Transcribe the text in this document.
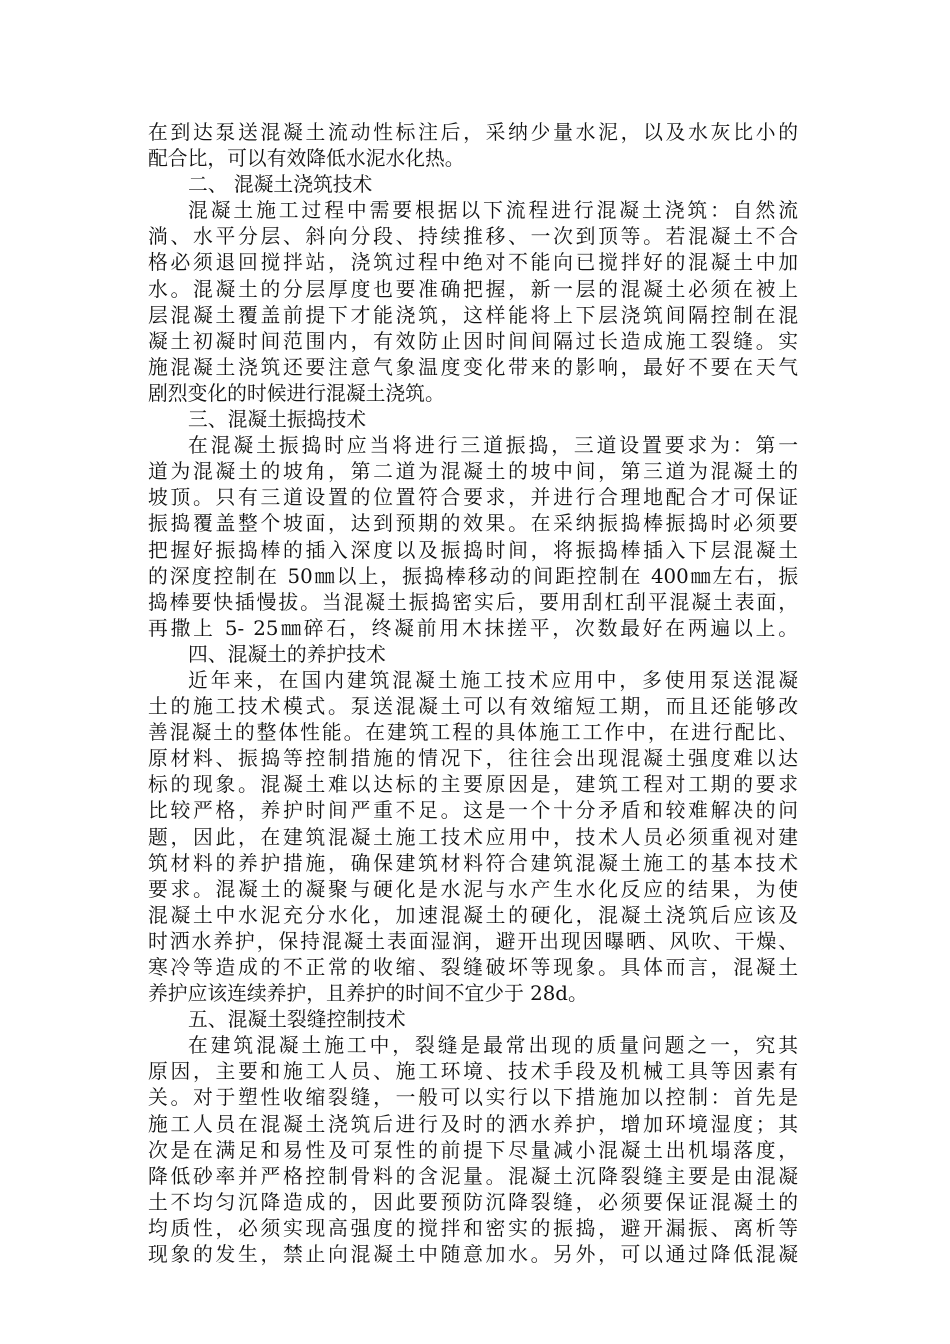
在到达泵送混凝土流动性标注后，采纳少量水泥，以及水灰比小的
配合比，可以有效降低水泥水化热。
二、 混凝土浇筑技术
混凝土施工过程中需要根据以下流程进行混凝土浇筑：自然流
淌、水平分层、斜向分段、持续推移、一次到顶等。若混凝土不合
格必须退回搅拌站，浇筑过程中绝对不能向已搅拌好的混凝土中加
水。混凝土的分层厚度也要准确把握，新一层的混凝土必须在被上
层混凝土覆盖前提下才能浇筑，这样能将上下层浇筑间隔控制在混
凝土初凝时间范围内，有效防止因时间间隔过长造成施工裂缝。实
施混凝土浇筑还要注意气象温度变化带来的影响，最好不要在天气
剧烈变化的时候进行混凝土浇筑。
三、混凝土振捣技术
在混凝土振捣时应当将进行三道振捣，三道设置要求为：第一
道为混凝土的坡角，第二道为混凝土的坡中间，第三道为混凝土的
坡顶。只有三道设置的位置符合要求，并进行合理地配合才可保证
振捣覆盖整个坡面，达到预期的效果。在采纳振捣棒振捣时必须要
把握好振捣棒的插入深度以及振捣时间，将振捣棒插入下层混凝土
的深度控制在 50㎜以上，振捣棒移动的间距控制在 400㎜左右，振
捣棒要快插慢拔。当混凝土振捣密实后，要用刮杠刮平混凝土表面，
再撒上 5- 25㎜碎石，终凝前用木抹搓平，次数最好在两遍以上。
四、混凝土的养护技术
近年来，在国内建筑混凝土施工技术应用中，多使用泵送混凝
土的施工技术模式。泵送混凝土可以有效缩短工期，而且还能够改
善混凝土的整体性能。在建筑工程的具体施工工作中，在进行配比、
原材料、振捣等控制措施的情况下，往往会出现混凝土强度难以达
标的现象。混凝土难以达标的主要原因是，建筑工程对工期的要求
比较严格，养护时间严重不足。这是一个十分矛盾和较难解决的问
题，因此，在建筑混凝土施工技术应用中，技术人员必须重视对建
筑材料的养护措施，确保建筑材料符合建筑混凝土施工的基本技术
要求。混凝土的凝聚与硬化是水泥与水产生水化反应的结果，为使
混凝土中水泥充分水化，加速混凝土的硬化，混凝土浇筑后应该及
时洒水养护，保持混凝土表面湿润，避开出现因曝晒、风吹、干燥、
寒冷等造成的不正常的收缩、裂缝破坏等现象。具体而言，混凝土
养护应该连续养护，且养护的时间不宜少于 28d。
五、混凝土裂缝控制技术
在建筑混凝土施工中，裂缝是最常出现的质量问题之一，究其
原因，主要和施工人员、施工环境、技术手段及机械工具等因素有
关。对于塑性收缩裂缝，一般可以实行以下措施加以控制：首先是
施工人员在混凝土浇筑后进行及时的洒水养护，增加环境湿度；其
次是在满足和易性及可泵性的前提下尽量减小混凝土出机塌落度，
降低砂率并严格控制骨料的含泥量。混凝土沉降裂缝主要是由混凝
土不均匀沉降造成的，因此要预防沉降裂缝，必须要保证混凝土的
均质性，必须实现高强度的搅拌和密实的振捣，避开漏振、离析等
现象的发生，禁止向混凝土中随意加水。另外，可以通过降低混凝
